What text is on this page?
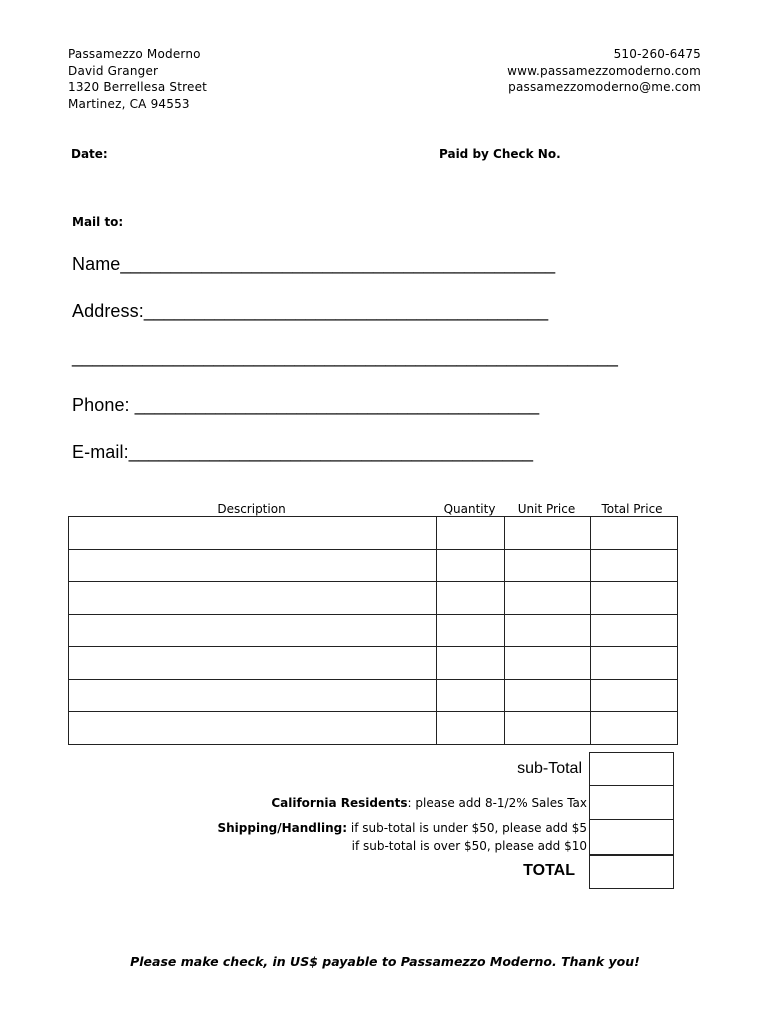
Passamezzo Moderno
David Granger
1320 Berrellesa Street
Martinez, CA 94553
510-260-6475
www.passamezzomoderno.com
passamezzomoderno@me.com
Date:	Paid by Check No.
Mail to:
Name___________________________________________
Address:________________________________________
______________________________________________________
Phone: ________________________________________
E-mail:________________________________________
Description	Quantity	Unit Price	Total Price

sub-Total
California Residents: please add 8-1/2% Sales Tax
Shipping/Handling: if sub-total is under $50, please add $5
if sub-total is over $50, please add $10
TOTAL
Please make check, in US$ payable to Passamezzo Moderno. Thank you!
